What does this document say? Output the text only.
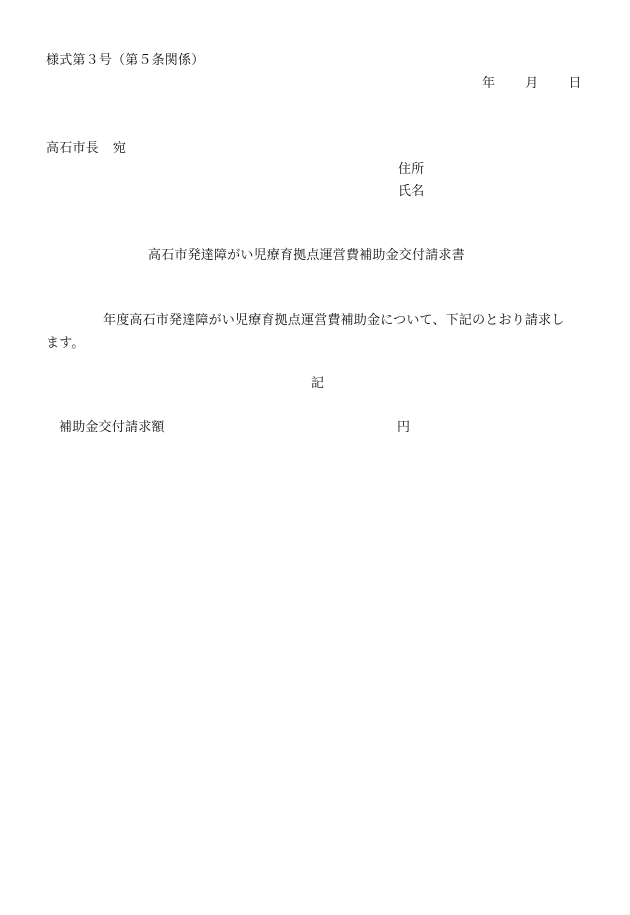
様式第３号（第５条関係）
年 月 日
高石市長 宛
住所
氏名
高石市発達障がい児療育拠点運営費補助金交付請求書
年度高石市発達障がい児療育拠点運営費補助金について、下記のとおり請求し
ます。
記
補助金交付請求額	円
